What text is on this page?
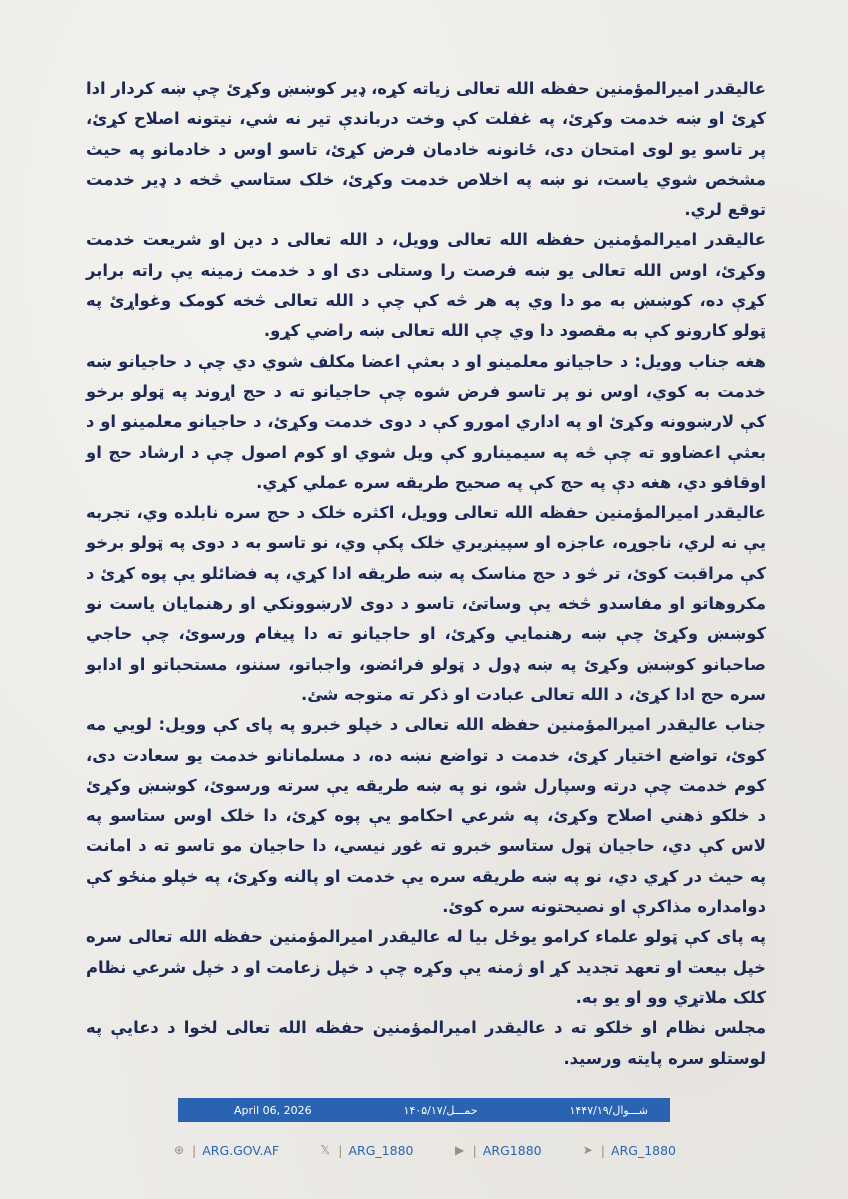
عالیقدر امیرالمؤمنین حفظه الله تعالی زیاته کړه، ډیر کوښښ وکړئ چې ښه کردار ادا کړئ او ښه خدمت وکړئ، په غفلت کې وخت درباندې تیر نه شي، نیتونه اصلاح کړئ، پر تاسو یو لوی امتحان دی، ځانونه خادمان فرض کړئ، تاسو اوس د خادمانو په حیث مشخص شوي یاست، نو ښه په اخلاص خدمت وکړئ، خلک ستاسي څخه د ډیر خدمت توقع لري.

عالیقدر امیرالمؤمنین حفظه الله تعالی وویل، د الله تعالی د دین او شریعت خدمت وکړئ، اوس الله تعالی یو ښه فرصت را وستلی دی او د خدمت زمینه یې راته برابر کړې ده، کوښښ به مو دا وي په هر څه کې چې د الله تعالی څخه کومک وغواړئ په ټولو کارونو کې به مقصود دا وي چې الله تعالی ښه راضي کړو.

هغه جناب وویل: د حاجیانو معلمینو او د بعثې اعضا مکلف شوي دي چې د حاجیانو ښه خدمت به کوي، اوس نو پر تاسو فرض شوه چې حاجیانو ته د حج اړوند په ټولو برخو کې لارښوونه وکړئ او په اداري امورو کې د دوی خدمت وکړئ، د حاجیانو معلمینو او د بعثې اعضاوو ته چې څه په سیمینارو کې ویل شوي او کوم اصول چې د ارشاد حج او اوقافو دي، هغه دې په حج کې په صحیح طریقه سره عملي کړي.

عالیقدر امیرالمؤمنین حفظه الله تعالی وویل، اکثره خلک د حج سره نابلده وي، تجربه یې نه لري، ناجوړه، عاجزه او سپینږیري خلک پکې وي، نو تاسو به د دوی په ټولو برخو کې مراقبت کوئ، تر څو د حج مناسک په ښه طریقه ادا کړي، په فضائلو یې پوه کړئ د مکروهاتو او مفاسدو څخه یې وساتئ، تاسو د دوی لارښوونکي او رهنمایان یاست نو کوښښ وکړئ چې ښه رهنمایي وکړئ، او حاجیانو ته دا پیغام ورسوئ، چې حاجي صاحبانو کوښښ وکړئ په ښه ډول د ټولو فرائضو، واجباتو، سننو، مستحباتو او ادابو سره حج ادا کړئ، د الله تعالی عبادت او ذکر ته متوجه شئ.

جناب عالیقدر امیرالمؤمنین حفظه الله تعالی د خپلو خبرو په پای کې وویل: لویي مه کوئ، تواضع اختیار کړئ، خدمت د تواضع نښه ده، د مسلمانانو خدمت یو سعادت دی، کوم خدمت چې درته وسپارل شو، نو په ښه طریقه یې سرته ورسوئ، کوښښ وکړئ د خلکو ذهني اصلاح وکړئ، په شرعي احکامو یې پوه کړئ، دا خلک اوس ستاسو په لاس کې دي، حاجیان ټول ستاسو خبرو ته غوږ نیسي، دا حاجیان مو تاسو ته د امانت په حیث در کړي دي، نو په ښه طریقه سره یې خدمت او پالنه وکړئ، په خپلو منځو کې دوامداره مذاکرې او نصیحتونه سره کوئ.

په پای کې ټولو علماء کرامو یوځل بیا له عالیقدر امیرالمؤمنین حفظه الله تعالی سره خپل بیعت او تعهد تجدید کړ او ژمنه یې وکړه چې د خپل زعامت او د خپل شرعي نظام کلک ملاتړي وو او یو به.

مجلس نظام او خلکو ته د عالیقدر امیرالمؤمنین حفظه الله تعالی لخوا د دعایې په لوستلو سره پایته ورسید.

April 06, 2026	۱۴۰۵/حمـــل/۱۷	۱۴۴۷/شـــوال/۱۹
⊕ | ARG.GOV.AF	𝕏 | ARG_1880	▶ | ARG1880	➤ | ARG_1880
